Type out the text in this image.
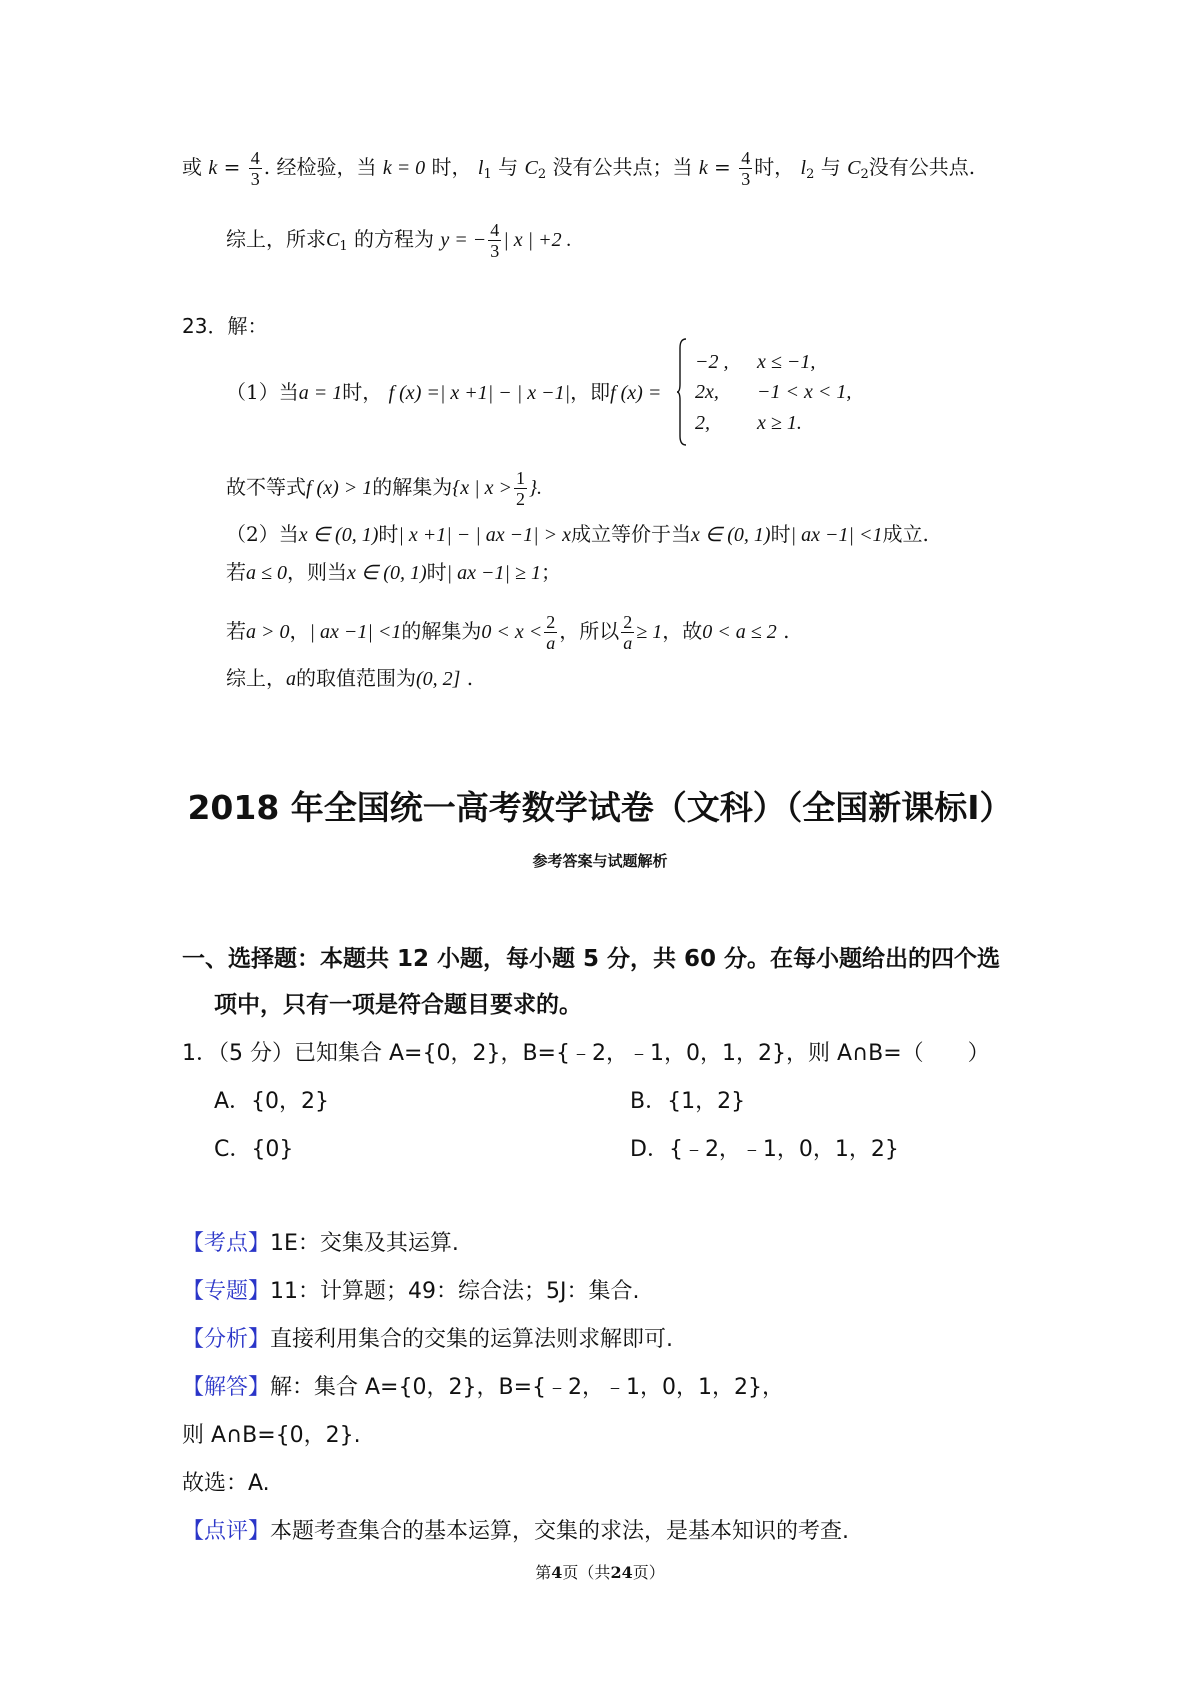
或 $k = \frac{4}{3}$ . 经检验，当 k = 0 时， $l_1$ 与 $C_2$ 没有公共点；当 $k = \frac{4}{3}$ 时， $l_2$ 与 $C_2$没有公共点.
综上，所求$C_1$ 的方程为 y = − $\frac{4}{3}$ | x | +2 .
23．解：
（1）当a = 1时， f (x) =| x +1| − | x −1|，即f (x) =
−2 , x ≤ −1,
2x, −1 < x < 1,
2, x ≥ 1.
故不等式f (x) > 1的解集为{x | $x > \frac{1}{2}$ }.
（2）当x ∈ (0, 1)时| x +1| − | ax −1| > x成立等价于当x ∈ (0, 1)时| ax −1| <1成立.
若a ≤ 0，则当x ∈ (0, 1)时| ax −1| ≥ 1；
若a > 0，| ax −1| <1的解集为$0 < x < \frac{2}{a}$ ，所以 $\frac{2}{a} \ge 1$，故0 < a ≤ 2 .
综上，a的取值范围为(0, 2] .
2018 年全国统一高考数学试卷（文科）（全国新课标Ⅰ）
参考答案与试题解析
一、选择题：本题共 12 小题，每小题 5 分，共 60 分。在每小题给出的四个选
项中，只有一项是符合题目要求的。
1．（5 分）已知集合 A={0，2}，B={﹣2，﹣1，0，1，2}，则 A∩B=（　　）
A．{0，2}	B．{1，2}
C．{0}	D．{﹣2，﹣1，0，1，2}
【考点】1E：交集及其运算.
【专题】11：计算题；49：综合法；5J：集合.
【分析】直接利用集合的交集的运算法则求解即可.
【解答】解：集合 A={0，2}，B={﹣2，﹣1，0，1，2}，
则 A∩B={0，2}.
故选：A.
【点评】本题考查集合的基本运算，交集的求法，是基本知识的考查.
第4页（共24页）
